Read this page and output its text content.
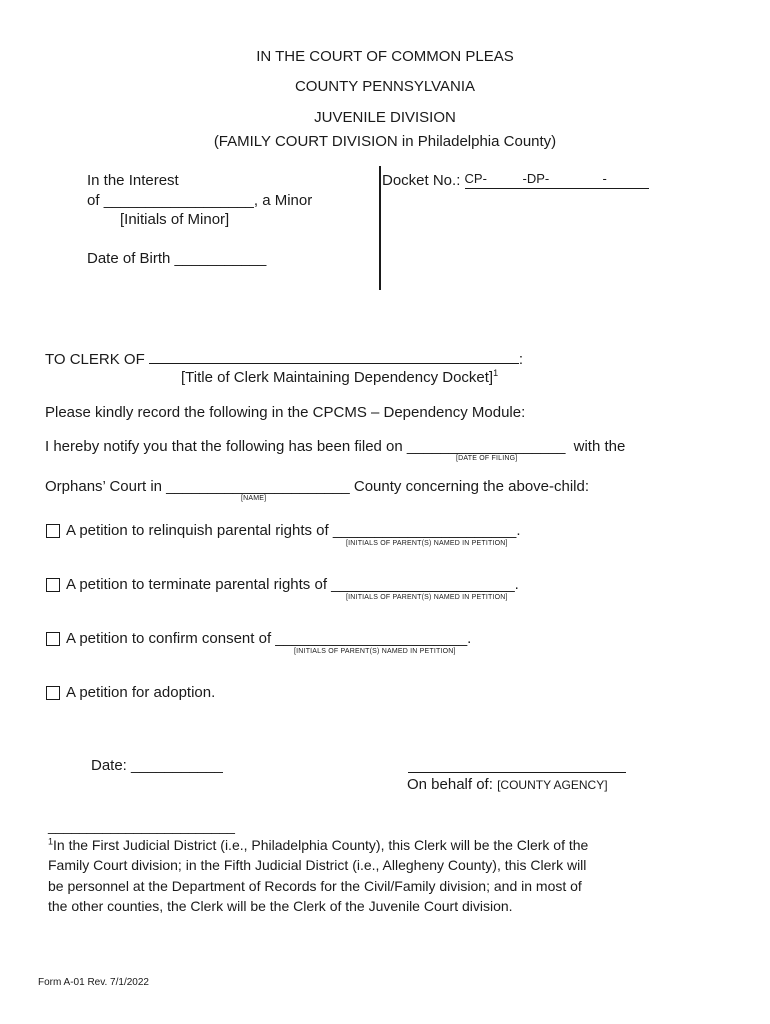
IN THE COURT OF COMMON PLEAS
COUNTY PENNSYLVANIA
JUVENILE DIVISION
(FAMILY COURT DIVISION in Philadelphia County)
In the Interest
of __________________, a Minor
[Initials of Minor]
Date of Birth ___________
Docket No.: CP-	-DP-	-
TO CLERK OF	:
[Title of Clerk Maintaining Dependency Docket]$^1$
Please kindly record the following in the CPCMS – Dependency Module:
I hereby notify you that the following has been filed on ___________________ with the
[DATE OF FILING]
Orphans’ Court in ______________________ County concerning the above-child:
[NAME]
A petition to relinquish parental rights of ______________________.
[INITIALS OF PARENT(S) NAMED IN PETITION]
A petition to terminate parental rights of ______________________.
[INITIALS OF PARENT(S) NAMED IN PETITION]
A petition to confirm consent of _______________________.
[INITIALS OF PARENT(S) NAMED IN PETITION]
A petition for adoption.
Date: ___________
On behalf of: [COUNTY AGENCY]
________________________
$^1$In the First Judicial District (i.e., Philadelphia County), this Clerk will be the Clerk of the
Family Court division; in the Fifth Judicial District (i.e., Allegheny County), this Clerk will
be personnel at the Department of Records for the Civil/Family division; and in most of
the other counties, the Clerk will be the Clerk of the Juvenile Court division.
Form A-01 Rev. 7/1/2022
